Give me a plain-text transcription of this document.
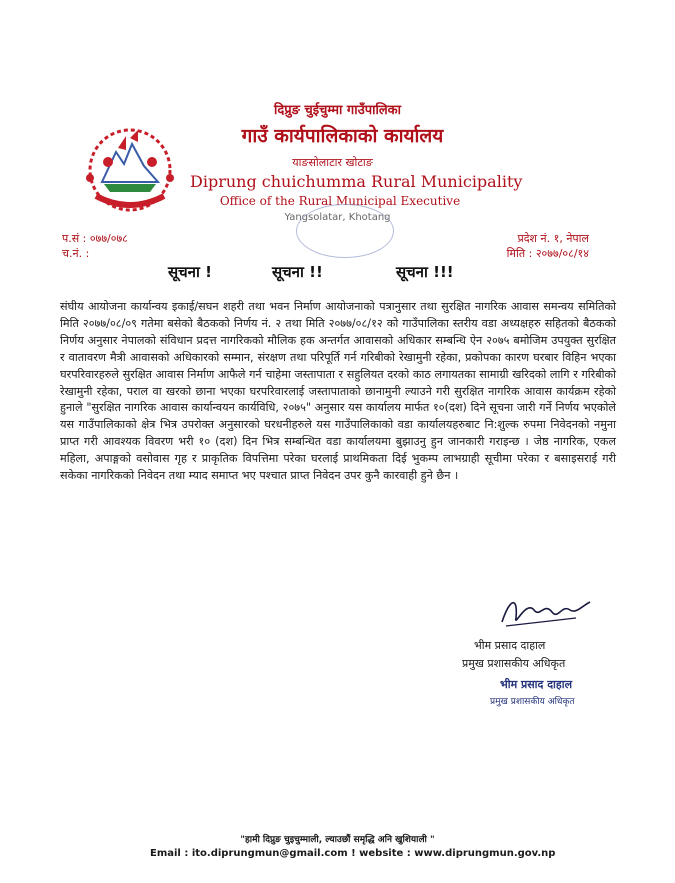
दिप्रुङ चुईचुम्मा गाउँपालिका
गाउँ कार्यपालिकाको कार्यालय
याङसोलाटार खोटाङ
Diprung chuichumma Rural Municipality
Office of the Rural Municipal Executive
Yangsolatar, Khotang
प.सं : ०७७/०७८
च.नं. :
प्रदेश नं. १, नेपाल
मिति : २०७७/०८/१४
सूचना !	सूचना !!	सूचना !!!
संघीय आयोजना कार्यान्वय इकाई/सघन शहरी तथा भवन निर्माण आयोजनाको पत्रानुसार तथा सुरक्षित नागरिक आवास समन्वय समितिको मिति २०७७/०८/०९ गतेमा बसेको बैठकको निर्णय नं. २ तथा मिति २०७७/०८/१२ को गाउँपालिका स्तरीय वडा अध्यक्षहरु सहितको बैठकको निर्णय अनुसार नेपालको संविधान प्रदत्त नागरिकको मौलिक हक अन्तर्गत आवासको अधिकार सम्बन्धि ऐन २०७५ बमोजिम उपयुक्त सुरक्षित र वातावरण मैत्री आवासको अधिकारको सम्मान, संरक्षण तथा परिपूर्ति गर्न गरिबीको रेखामुनी रहेका, प्रकोपका कारण घरबार विहिन भएका घरपरिवारहरुले सुरक्षित आवास निर्माण आफैले गर्न चाहेमा जस्तापाता र सहुलियत दरको काठ लगायतका सामाग्री खरिदको लागि र गरिबीको रेखामुनी रहेका, पराल वा खरको छाना भएका घरपरिवारलाई जस्तापाताको छानामुनी ल्याउने गरी सुरक्षित नागरिक आवास कार्यक्रम रहेको हुनाले "सुरक्षित नागरिक आवास कार्यान्वयन कार्यविधि, २०७५" अनुसार यस कार्यालय मार्फत १०(दश) दिने सूचना जारी गर्ने निर्णय भएकोले यस गाउँपालिकाको क्षेत्र भित्र उपरोक्त अनुसारको घरधनीहरुले यस गाउँपालिकाको वडा कार्यालयहरुबाट नि:शुल्क रुपमा निवेदनको नमुना प्राप्त गरी आवश्यक विवरण भरी १० (दश) दिन भित्र सम्बन्धित वडा कार्यालयमा बुझाउनु हुन जानकारी गराइन्छ । जेष्ठ नागरिक, एकल महिला, अपाङ्गको वसोवास गृह र प्राकृतिक विपत्तिमा परेका घरलाई प्राथमिकता दिई भुकम्प लाभग्राही सूचीमा परेका र बसाइसराई गरी सकेका नागरिकको निवेदन तथा म्याद समाप्त भए पश्चात प्राप्त निवेदन उपर कुनै कारवाही हुने छैन ।
भीम प्रसाद दाहाल
प्रमुख प्रशासकीय अधिकृत
भीम प्रसाद दाहाल
प्रमुख प्रशासकीय अधिकृत
"हामी दिप्रुङ चुइचुम्माली, ल्याउछौं समृद्धि अनि खुशियाली "
Email : ito.diprungmun@gmail.com ! website : www.diprungmun.gov.np
